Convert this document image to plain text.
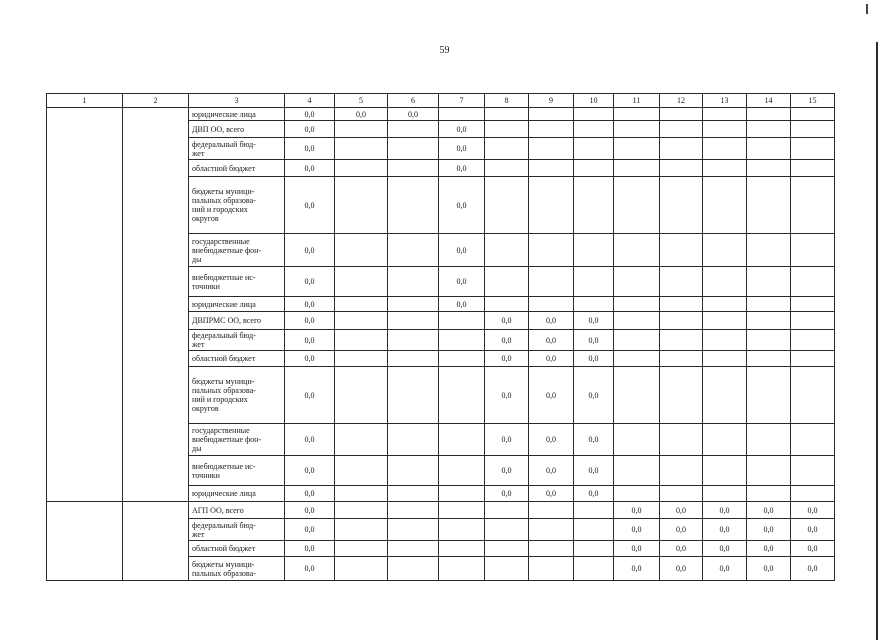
59
1	2	3	4	5	6	7	8	9	10	11	12	13	14	15
		юридические лица	0,0	0,0	0,0									
		ДВП ОО, всего	0,0			0,0								
		федеральный бюд-
жет	0,0			0,0								
		областной бюджет	0,0			0,0								
		бюджеты муници-
пальных образова-
ний и городских
округов	0,0			0,0								
		государственные
внебюджетные фон-
ды	0,0			0,0								
		внебюджетные ис-
точники	0,0			0,0								
		юридические лица	0,0			0,0								
		ДВПРМС ОО, всего	0,0				0,0	0,0	0,0					
		федеральный бюд-
жет	0,0				0,0	0,0	0,0					
		областной бюджет	0,0				0,0	0,0	0,0					
		бюджеты муници-
пальных образова-
ний и городских
округов	0,0				0,0	0,0	0,0					
		государственные
внебюджетные фон-
ды	0,0				0,0	0,0	0,0					
		внебюджетные ис-
точники	0,0				0,0	0,0	0,0					
		юридические лица	0,0				0,0	0,0	0,0					
		АГП ОО, всего	0,0							0,0	0,0	0,0	0,0	0,0
		федеральный бюд-
жет	0,0							0,0	0,0	0,0	0,0	0,0
		областной бюджет	0,0							0,0	0,0	0,0	0,0	0,0
		бюджеты муници-
пальных образова-	0,0							0,0	0,0	0,0	0,0	0,0
